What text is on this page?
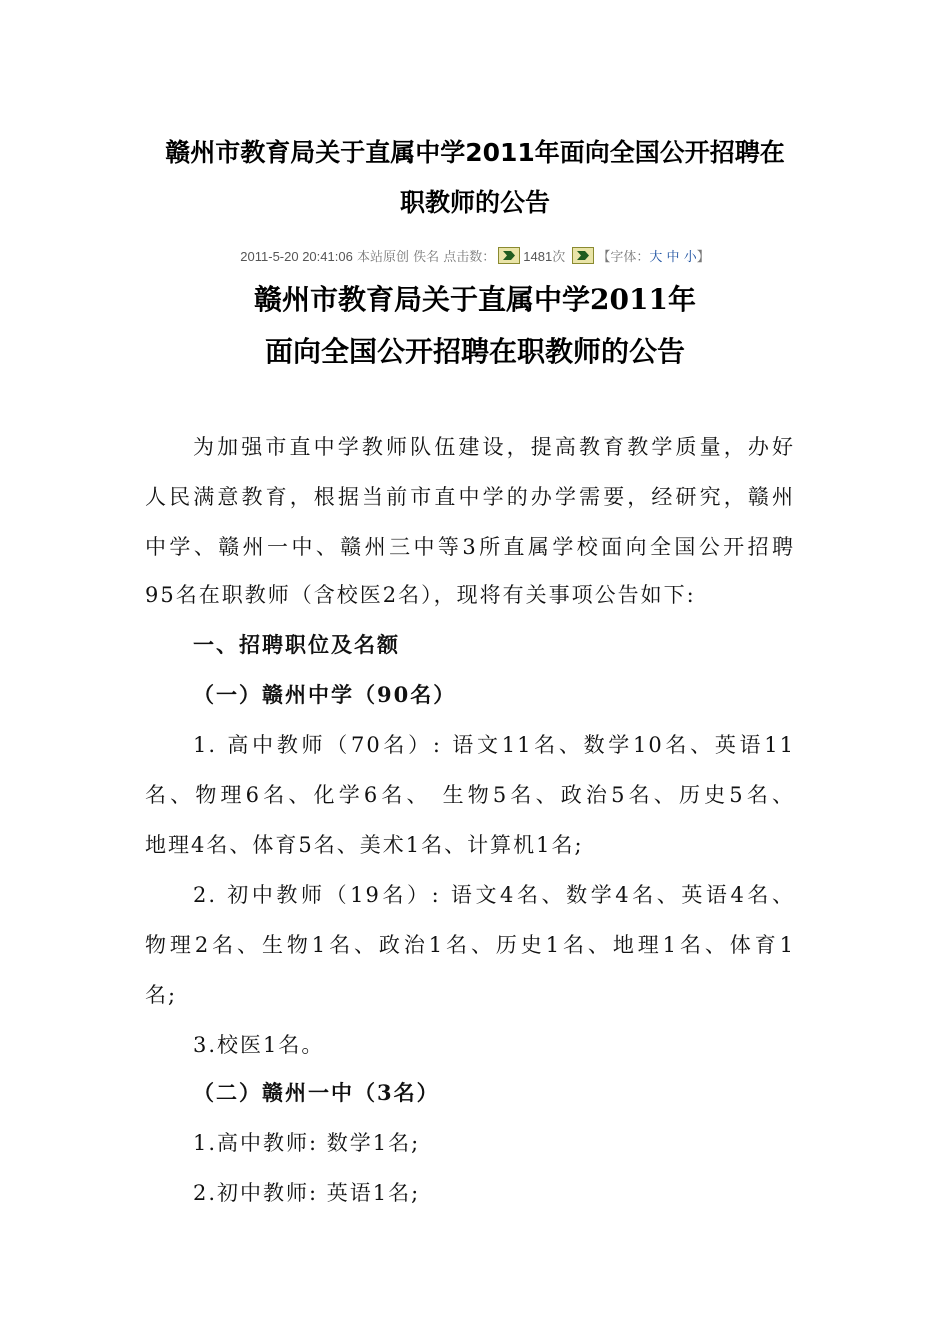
赣州市教育局关于直属中学2011年面向全国公开招聘在
职教师的公告
2011-5-20 20:41:06 本站原创 佚名 点击数： 1481次 【字体：大 中 小】
赣州市教育局关于直属中学2011年
面向全国公开招聘在职教师的公告
为加强市直中学教师队伍建设，提高教育教学质量，办好
人民满意教育，根据当前市直中学的办学需要，经研究，赣州
中学、赣州一中、赣州三中等3所直属学校面向全国公开招聘
95名在职教师（含校医2名），现将有关事项公告如下:
一、招聘职位及名额
（一）赣州中学（90名）
1. 高中教师（70名）: 语文11名、数学10名、英语11
名、物理6名、化学6名、 生物5名、政治5名、历史5名、
地理4名、体育5名、美术1名、计算机1名;
2. 初中教师（19名）: 语文4名、数学4名、英语4名、
物理2名、生物1名、政治1名、历史1名、地理1名、体育1
名;
3.校医1名。
（二）赣州一中（3名）
1.高中教师: 数学1名;
2.初中教师: 英语1名;
